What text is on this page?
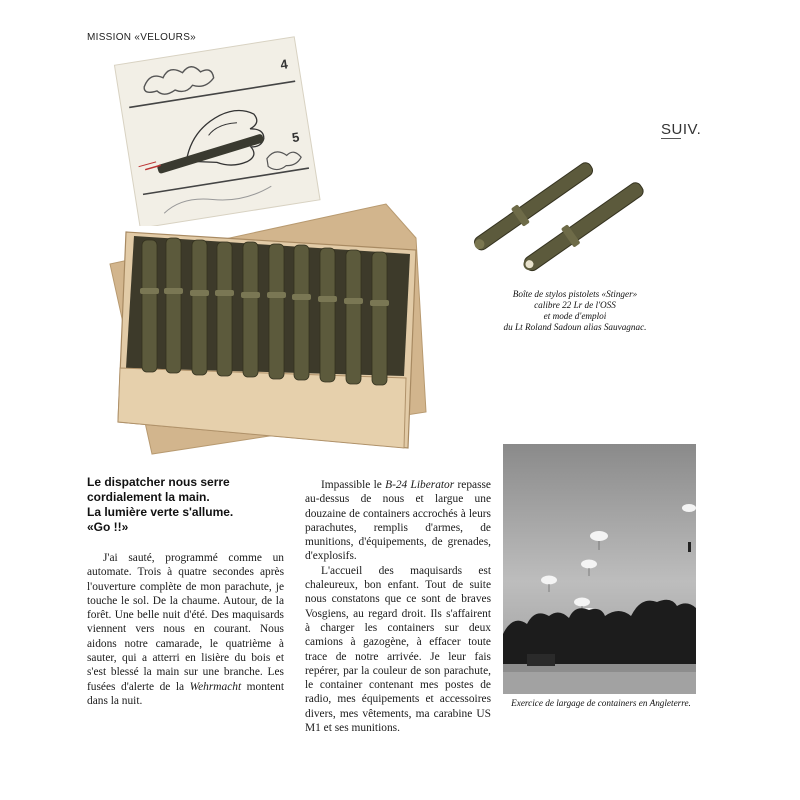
MISSION «VELOURS»
4
5	SUIV.
Boîte de stylos pistolets «Stinger»
calibre 22 Lr de l'OSS
et mode d'emploi
du Lt Roland Sadoun alias Sauvagnac.
Le dispatcher nous serre
cordialement la main.
La lumière verte s'allume.
«Go !!»

J'ai sauté, programmé comme un automate. Trois à quatre secondes après l'ouverture complète de mon parachute, je touche le sol. De la chaume. Autour, de la forêt. Une belle nuit d'été. Des maquisards viennent vers nous en courant. Nous aidons notre camarade, le quatrième à sauter, qui a atterri en lisière du bois et s'est blessé la main sur une branche. Les fusées d'alerte de la Wehrmacht montent dans la nuit.

Impassible le B-24 Liberator repasse au-dessus de nous et largue une douzaine de containers accrochés à leurs parachutes, remplis d'armes, de munitions, d'équipements, de grenades, d'explosifs.

L'accueil des maquisards est chaleureux, bon enfant. Tout de suite nous constatons que ce sont de braves Vosgiens, au regard droit. Ils s'affairent à charger les containers sur deux camions à gazogène, à effacer toute trace de notre arrivée. Je leur fais repérer, par la couleur de son parachute, le container contenant mes postes de radio, mes équipements et accessoires divers, mes vêtements, ma carabine US M1 et ses munitions.

Exercice de largage de containers en Angleterre.
